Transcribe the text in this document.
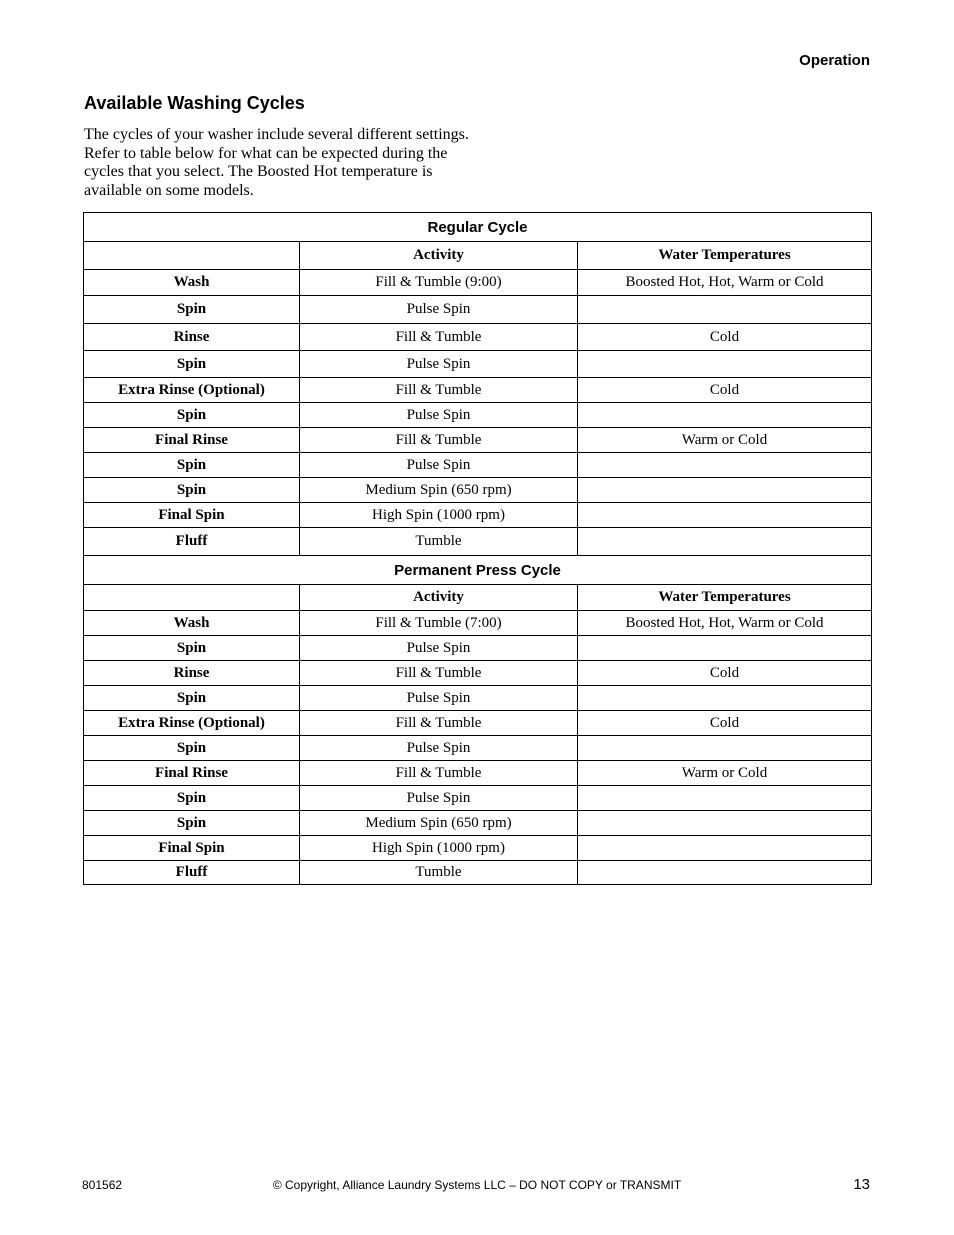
Operation
Available Washing Cycles

The cycles of your washer include several different settings. Refer to table below for what can be expected during the cycles that you select. The Boosted Hot temperature is available on some models.

Regular Cycle		
	Activity	Water Temperatures
Wash	Fill & Tumble (9:00)	Boosted Hot, Hot, Warm or Cold
Spin	Pulse Spin	
Rinse	Fill & Tumble	Cold
Spin	Pulse Spin	
Extra Rinse (Optional)	Fill & Tumble	Cold
Spin	Pulse Spin	
Final Rinse	Fill & Tumble	Warm or Cold
Spin	Pulse Spin	
Spin	Medium Spin (650 rpm)	
Final Spin	High Spin (1000 rpm)	
Fluff	Tumble	
Permanent Press Cycle		
	Activity	Water Temperatures
Wash	Fill & Tumble (7:00)	Boosted Hot, Hot, Warm or Cold
Spin	Pulse Spin	
Rinse	Fill & Tumble	Cold
Spin	Pulse Spin	
Extra Rinse (Optional)	Fill & Tumble	Cold
Spin	Pulse Spin	
Final Rinse	Fill & Tumble	Warm or Cold
Spin	Pulse Spin	
Spin	Medium Spin (650 rpm)	
Final Spin	High Spin (1000 rpm)	
Fluff	Tumble	
801562	© Copyright, Alliance Laundry Systems LLC – DO NOT COPY or TRANSMIT	13
